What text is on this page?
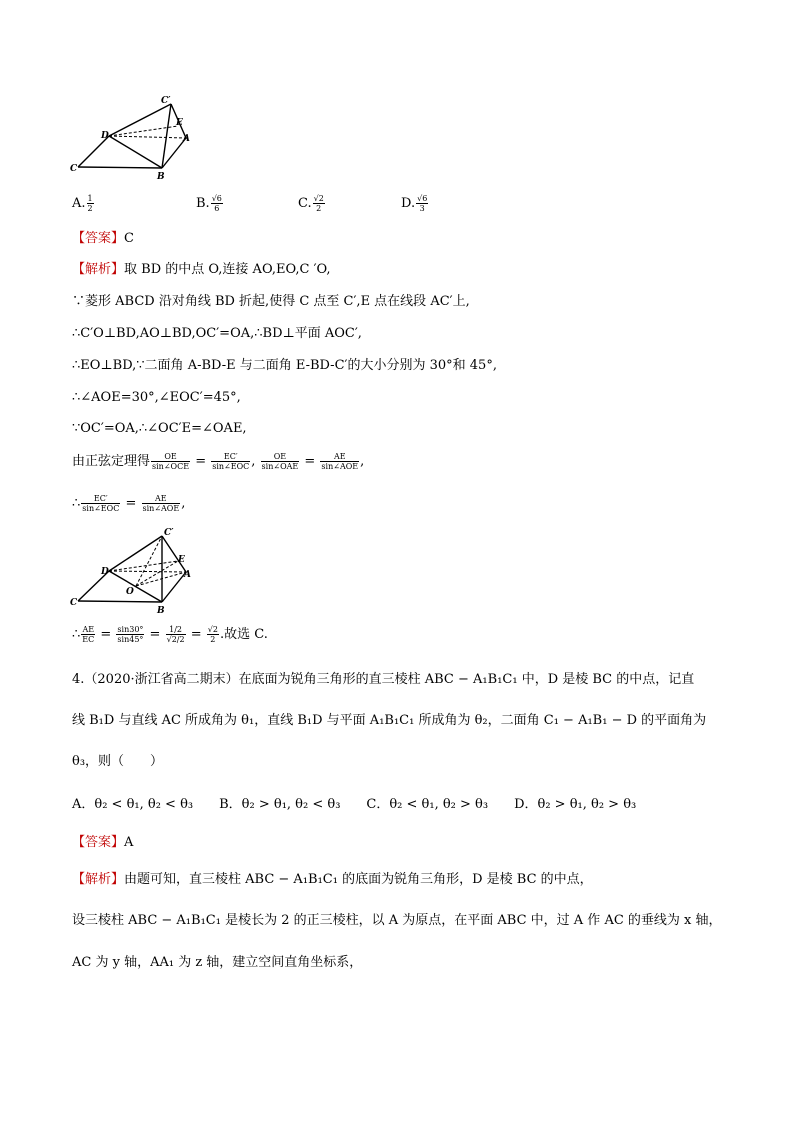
C′
D
E
A
C
B
A. $\frac{1}{2}$	B. $\frac{√6}{6}$	C. $\frac{√2}{2}$	D. $\frac{√6}{3}$
【答案】C
【解析】取 BD 的中点 O,连接 AO,EO,C ′O,
∵菱形 ABCD 沿对角线 BD 折起,使得 C 点至 C′,E 点在线段 AC′上,
∴C′O⊥BD,AO⊥BD,OC′=OA,∴BD⊥平面 AOC′,
∴EO⊥BD,∵二面角 A-BD-E 与二面角 E-BD-C′的大小分别为 30°和 45°,
∴∠AOE=30°,∠EOC′=45°,
∵OC′=OA,∴∠OC′E=∠OAE,
由正弦定理得 $\frac{OE}{\text{sin∠OCE}} = \frac{EC'}{\text{sin∠EOC}}$ , $\frac{OE}{\text{sin∠OAE}} = \frac{AE}{\text{sin∠AOE}}$ ,
∴ $\frac{EC'}{\text{sin∠EOC}} = \frac{AE}{\text{sin∠AOE}}$ ,
C′
D
E
A
O
C
B
∴ $\frac{AE}{EC} = \frac{\sin 30^\circ}{\sin 45^\circ} = \frac{1/2}{√2/2} = \frac{√2}{2}$ .故选 C.
4.（2020·浙江省高二期末）在底面为锐角三角形的直三棱柱 ABC − A₁B₁C₁ 中，D 是棱 BC 的中点，记直
线 B₁D 与直线 AC 所成角为 θ₁，直线 B₁D 与平面 A₁B₁C₁ 所成角为 θ₂，二面角 C₁ − A₁B₁ − D 的平面角为
θ₃，则（　　）
A．θ₂ < θ₁, θ₂ < θ₃　　B．θ₂ > θ₁, θ₂ < θ₃　　C．θ₂ < θ₁, θ₂ > θ₃　　D．θ₂ > θ₁, θ₂ > θ₃
【答案】A
【解析】由题可知，直三棱柱 ABC − A₁B₁C₁ 的底面为锐角三角形，D 是棱 BC 的中点，
设三棱柱 ABC − A₁B₁C₁ 是棱长为 2 的正三棱柱，以 A 为原点，在平面 ABC 中，过 A 作 AC 的垂线为 x 轴，
AC 为 y 轴，AA₁ 为 z 轴，建立空间直角坐标系，
